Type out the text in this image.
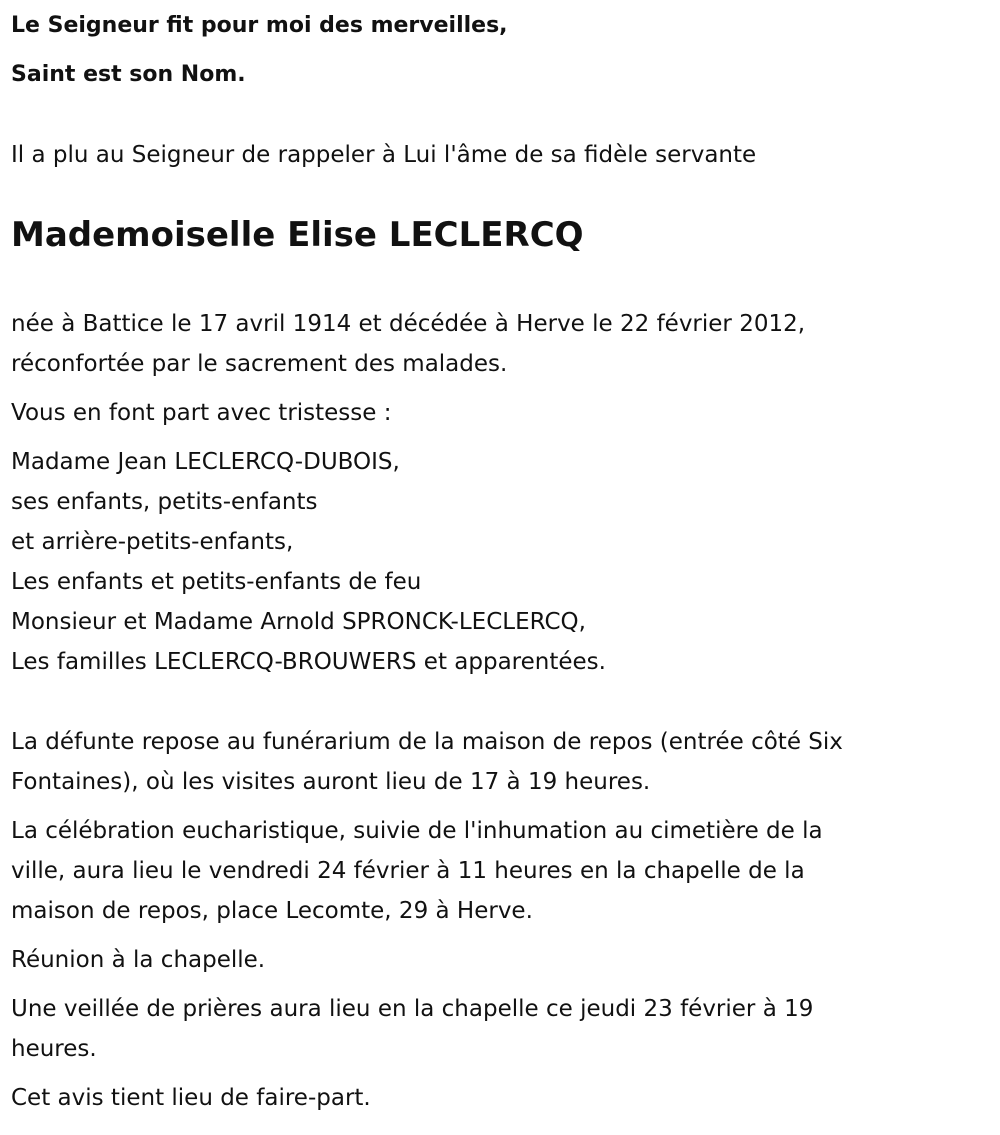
Le Seigneur fit pour moi des merveilles,

Saint est son Nom.

Il a plu au Seigneur de rappeler à Lui l'âme de sa fidèle servante

Mademoiselle Elise LECLERCQ
née à Battice le 17 avril 1914 et décédée à Herve le 22 février 2012,
réconfortée par le sacrement des malades.
Vous en font part avec tristesse :
Madame Jean LECLERCQ-DUBOIS,
ses enfants, petits-enfants
et arrière-petits-enfants,
Les enfants et petits-enfants de feu
Monsieur et Madame Arnold SPRONCK-LECLERCQ,
Les familles LECLERCQ-BROUWERS et apparentées.
La défunte repose au funérarium de la maison de repos (entrée côté Six
Fontaines), où les visites auront lieu de 17 à 19 heures.
La célébration eucharistique, suivie de l'inhumation au cimetière de la
ville, aura lieu le vendredi 24 février à 11 heures en la chapelle de la
maison de repos, place Lecomte, 29 à Herve.
Réunion à la chapelle.
Une veillée de prières aura lieu en la chapelle ce jeudi 23 février à 19
heures.
Cet avis tient lieu de faire-part.
